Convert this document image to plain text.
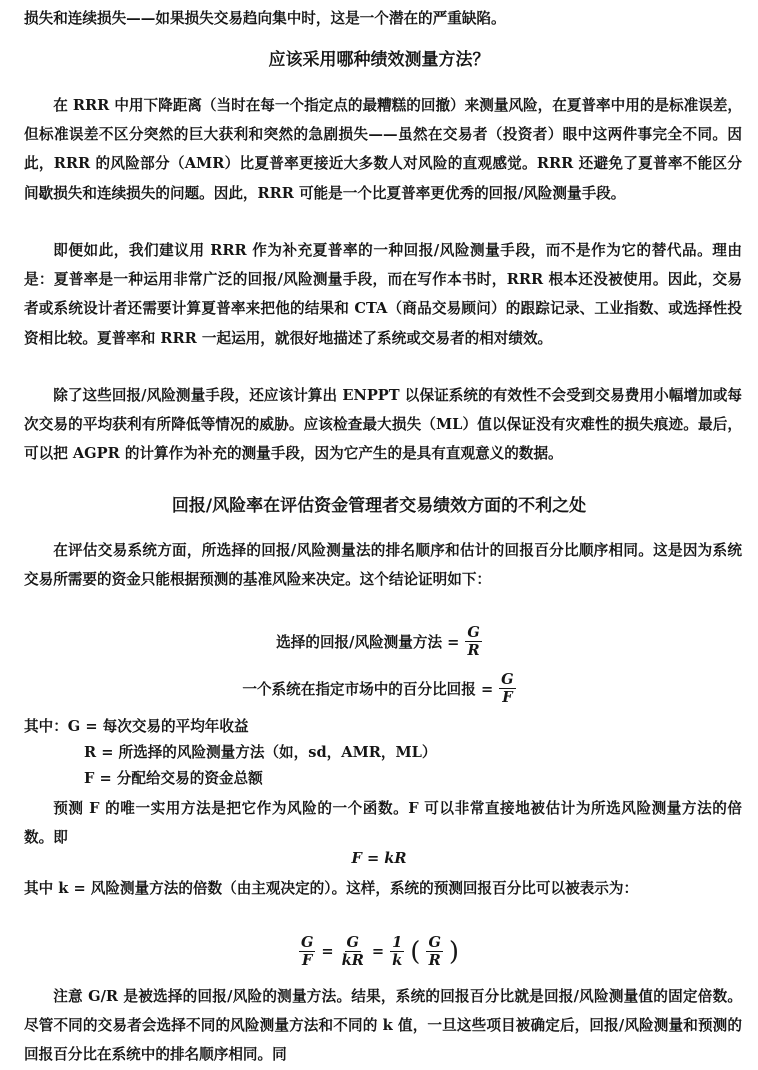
损失和连续损失——如果损失交易趋向集中时，这是一个潜在的严重缺陷。

应该采用哪种绩效测量方法？

在 RRR 中用下降距离（当时在每一个指定点的最糟糕的回撤）来测量风险，在夏普率中用的是标准误差，但标准误差不区分突然的巨大获利和突然的急剧损失——虽然在交易者（投资者）眼中这两件事完全不同。因此，RRR 的风险部分（AMR）比夏普率更接近大多数人对风险的直观感觉。RRR 还避免了夏普率不能区分间歇损失和连续损失的问题。因此，RRR 可能是一个比夏普率更优秀的回报/风险测量手段。

即便如此，我们建议用 RRR 作为补充夏普率的一种回报/风险测量手段，而不是作为它的替代品。理由是：夏普率是一种运用非常广泛的回报/风险测量手段，而在写作本书时，RRR 根本还没被使用。因此，交易者或系统设计者还需要计算夏普率来把他的结果和 CTA（商品交易顾问）的跟踪记录、工业指数、或选择性投资相比较。夏普率和 RRR 一起运用，就很好地描述了系统或交易者的相对绩效。

除了这些回报/风险测量手段，还应该计算出 ENPPT 以保证系统的有效性不会受到交易费用小幅增加或每次交易的平均获利有所降低等情况的威胁。应该检查最大损失（ML）值以保证没有灾难性的损失痕迹。最后，可以把 AGPR 的计算作为补充的测量手段，因为它产生的是具有直观意义的数据。

回报/风险率在评估资金管理者交易绩效方面的不利之处

在评估交易系统方面，所选择的回报/风险测量法的排名顺序和估计的回报百分比顺序相同。这是因为系统交易所需要的资金只能根据预测的基准风险来决定。这个结论证明如下：

选择的回报/风险测量方法 = $\frac{G}{R}$
一个系统在指定市场中的百分比回报 = $\frac{G}{F}$
其中：G = 每次交易的平均年收益
R = 所选择的风险测量方法（如，sd，AMR，ML）
F = 分配给交易的资金总额

预测 F 的唯一实用方法是把它作为风险的一个函数。F 可以非常直接地被估计为所选风险测量方法的倍数。即

F = kR

其中 k = 风险测量方法的倍数（由主观决定的）。这样，系统的预测回报百分比可以被表示为：

$\frac{G}{F} = \frac{G}{kR} = \frac{1}{k}$ ( $\frac{G}{R}$ )

注意 G/R 是被选择的回报/风险的测量方法。结果，系统的回报百分比就是回报/风险测量值的固定倍数。尽管不同的交易者会选择不同的风险测量方法和不同的 k 值，一旦这些项目被确定后，回报/风险测量和预测的回报百分比在系统中的排名顺序相同。同
